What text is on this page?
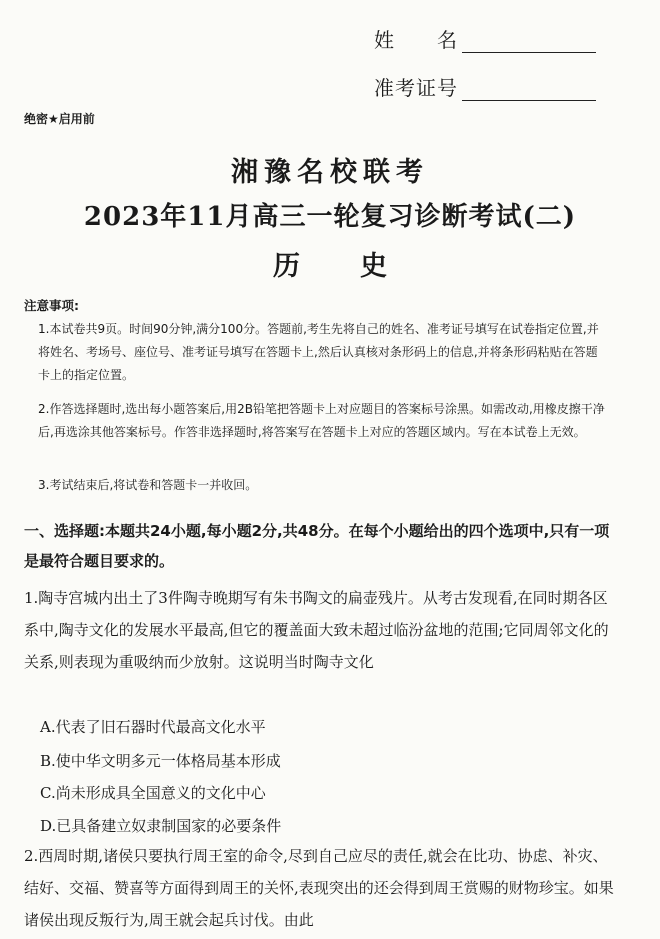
姓　　名
准考证号
绝密★启用前
湘豫名校联考
2023年11月高三一轮复习诊断考试(二)
历 史
注意事项:
1.本试卷共9页。时间90分钟,满分100分。答题前,考生先将自己的姓名、准考证号填写在试卷指定位置,并将姓名、考场号、座位号、准考证号填写在答题卡上,然后认真核对条形码上的信息,并将条形码粘贴在答题卡上的指定位置。
2.作答选择题时,选出每小题答案后,用2B铅笔把答题卡上对应题目的答案标号涂黑。如需改动,用橡皮擦干净后,再选涂其他答案标号。作答非选择题时,将答案写在答题卡上对应的答题区域内。写在本试卷上无效。
3.考试结束后,将试卷和答题卡一并收回。
一、选择题:本题共24小题,每小题2分,共48分。在每个小题给出的四个选项中,只有一项是最符合题目要求的。
1.陶寺宫城内出土了3件陶寺晚期写有朱书陶文的扁壶残片。从考古发现看,在同时期各区系中,陶寺文化的发展水平最高,但它的覆盖面大致未超过临汾盆地的范围;它同周邻文化的关系,则表现为重吸纳而少放射。这说明当时陶寺文化
A.代表了旧石器时代最高文化水平
B.使中华文明多元一体格局基本形成
C.尚未形成具全国意义的文化中心
D.已具备建立奴隶制国家的必要条件
2.西周时期,诸侯只要执行周王室的命令,尽到自己应尽的责任,就会在比功、协虑、补灾、结好、交福、赞喜等方面得到周王的关怀,表现突出的还会得到周王赏赐的财物珍宝。如果诸侯出现反叛行为,周王就会起兵讨伐。由此
